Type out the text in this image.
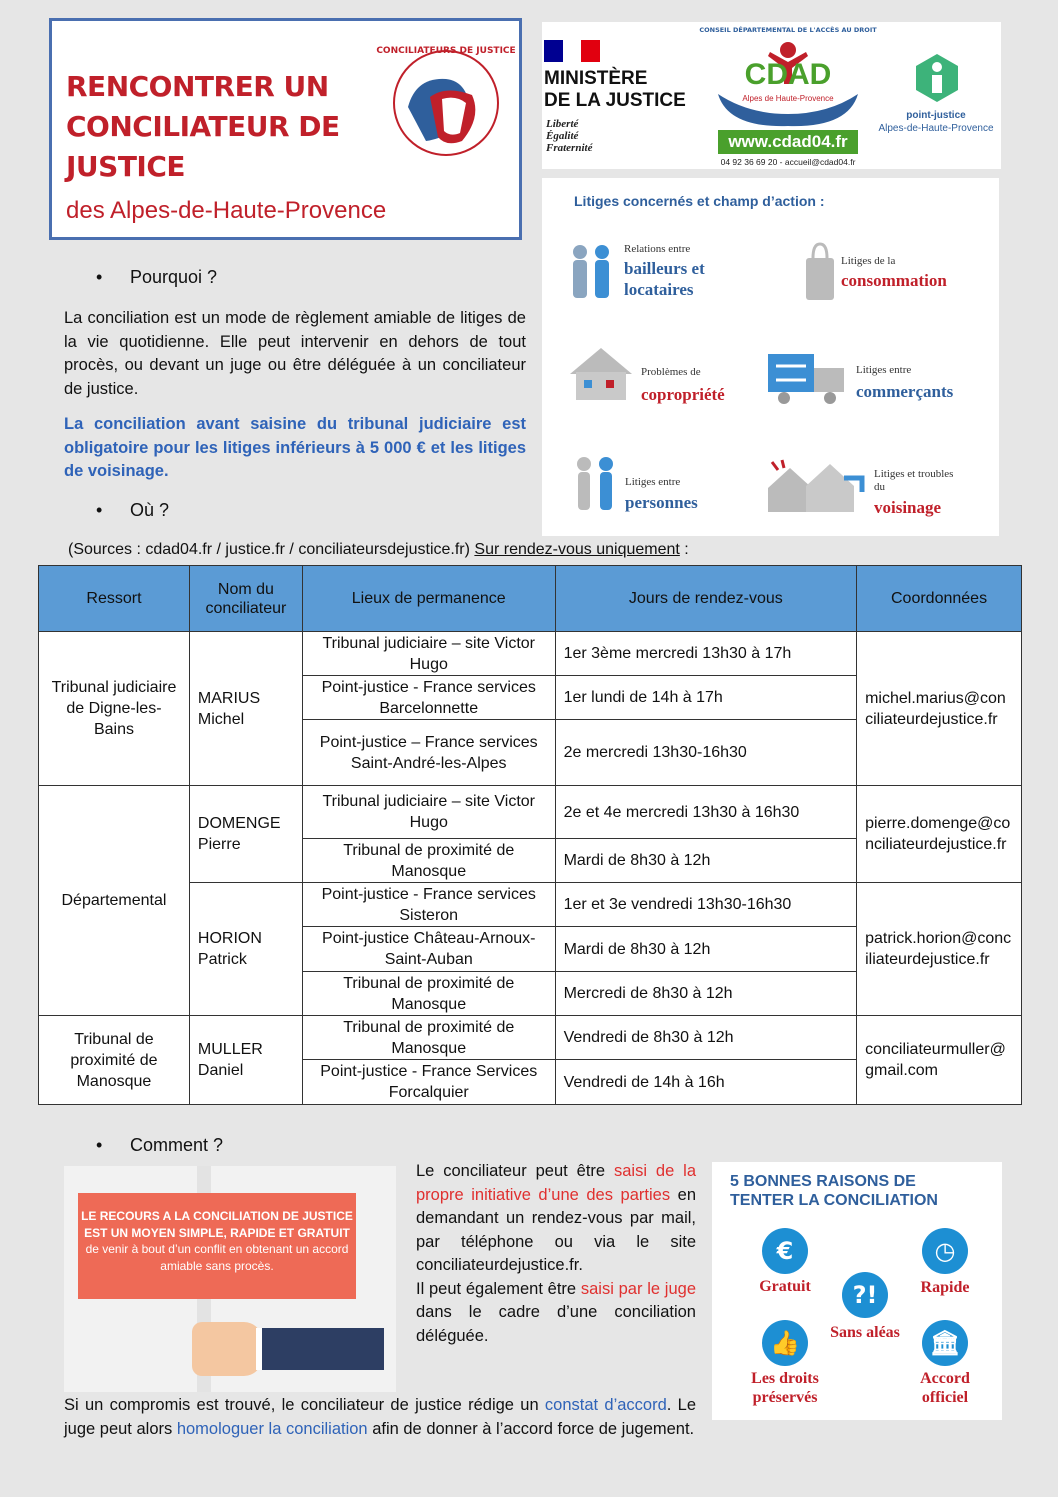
RENCONTRER UN CONCILIATEUR DE JUSTICE
des Alpes-de-Haute-Provence
CONCILIATEURS DE JUSTICE
MINISTÈRE
DE LA JUSTICE
Liberté
Égalité
Fraternité
CONSEIL DÉPARTEMENTAL DE L'ACCÈS AU DROIT
CDAD
Alpes de Haute-Provence
www.cdad04.fr
04 92 36 69 20 - accueil@cdad04.fr
point-justice
Alpes-de-Haute-Provence
Litiges concernés et champ d’action :
Relations entre
bailleurs et locataires
Litiges de la
consommation
Problèmes de
copropriété
Litiges entre
commerçants
Litiges entre
personnes
Litiges et troubles du
voisinage
• Pourquoi ?
La conciliation est un mode de règlement amiable de litiges de la vie quotidienne. Elle peut intervenir en dehors de tout procès, ou devant un juge ou être déléguée à un conciliateur de justice.
La conciliation avant saisine du tribunal judiciaire est obligatoire pour les litiges inférieurs à 5 000 € et les litiges de voisinage.
• Où ?
(Sources : cdad04.fr / justice.fr / conciliateursdejustice.fr) Sur rendez-vous uniquement :
Ressort	Nom du conciliateur	Lieux de permanence	Jours de rendez-vous	Coordonnées
Tribunal judiciaire de Digne-les-Bains	MARIUS Michel	Tribunal judiciaire – site Victor Hugo	1er 3ème mercredi 13h30 à 17h	michel.marius@conciliateurdejustice.fr
		Point-justice - France services Barcelonnette	1er lundi de 14h à 17h	
		Point-justice – France services Saint-André-les-Alpes	2e mercredi 13h30-16h30	
Départemental	DOMENGE Pierre	Tribunal judiciaire – site Victor Hugo	2e et 4e mercredi 13h30 à 16h30	pierre.domenge@conciliateurdejustice.fr
		Tribunal de proximité de Manosque	Mardi de 8h30 à 12h	
	HORION Patrick	Point-justice - France services Sisteron	1er et 3e vendredi 13h30-16h30	patrick.horion@conciliateurdejustice.fr
		Point-justice Château-Arnoux-Saint-Auban	Mardi de 8h30 à 12h	
		Tribunal de proximité de Manosque	Mercredi de 8h30 à 12h	
Tribunal de proximité de Manosque	MULLER Daniel	Tribunal de proximité de Manosque	Vendredi de 8h30 à 12h	conciliateurmuller@gmail.com
		Point-justice - France Services Forcalquier	Vendredi de 14h à 16h	
• Comment ?
LE RECOURS A LA CONCILIATION DE JUSTICE EST UN MOYEN SIMPLE, RAPIDE ET GRATUIT
de venir à bout d’un conflit en obtenant un accord amiable sans procès.
Le conciliateur peut être saisi de la propre initiative d’une des parties en demandant un rendez-vous par mail, par téléphone ou via le site conciliateurdejustice.fr.
Il peut également être saisi par le juge dans le cadre d’une conciliation déléguée.
Si un compromis est trouvé, le conciliateur de justice rédige un constat d’accord. Le juge peut alors homologuer la conciliation afin de donner à l’accord force de jugement.
5 BONNES RAISONS DE TENTER LA CONCILIATION
€
Gratuit
◷
Rapide
?!
Sans aléas
👍
Les droits préservés
🏛
Accord officiel
